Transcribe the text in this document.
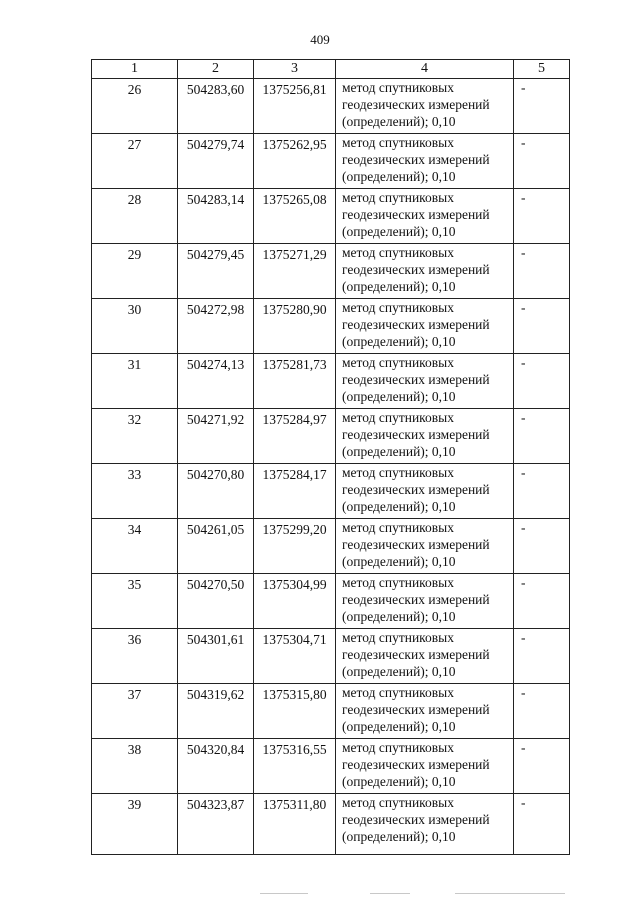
409
1	2	3	4	5
26	504283,60	1375256,81	метод спутниковых
геодезических измерений
(определений); 0,10	-
27	504279,74	1375262,95	метод спутниковых
геодезических измерений
(определений); 0,10	-
28	504283,14	1375265,08	метод спутниковых
геодезических измерений
(определений); 0,10	-
29	504279,45	1375271,29	метод спутниковых
геодезических измерений
(определений); 0,10	-
30	504272,98	1375280,90	метод спутниковых
геодезических измерений
(определений); 0,10	-
31	504274,13	1375281,73	метод спутниковых
геодезических измерений
(определений); 0,10	-
32	504271,92	1375284,97	метод спутниковых
геодезических измерений
(определений); 0,10	-
33	504270,80	1375284,17	метод спутниковых
геодезических измерений
(определений); 0,10	-
34	504261,05	1375299,20	метод спутниковых
геодезических измерений
(определений); 0,10	-
35	504270,50	1375304,99	метод спутниковых
геодезических измерений
(определений); 0,10	-
36	504301,61	1375304,71	метод спутниковых
геодезических измерений
(определений); 0,10	-
37	504319,62	1375315,80	метод спутниковых
геодезических измерений
(определений); 0,10	-
38	504320,84	1375316,55	метод спутниковых
геодезических измерений
(определений); 0,10	-
39	504323,87	1375311,80	метод спутниковых
геодезических измерений
(определений); 0,10	-
